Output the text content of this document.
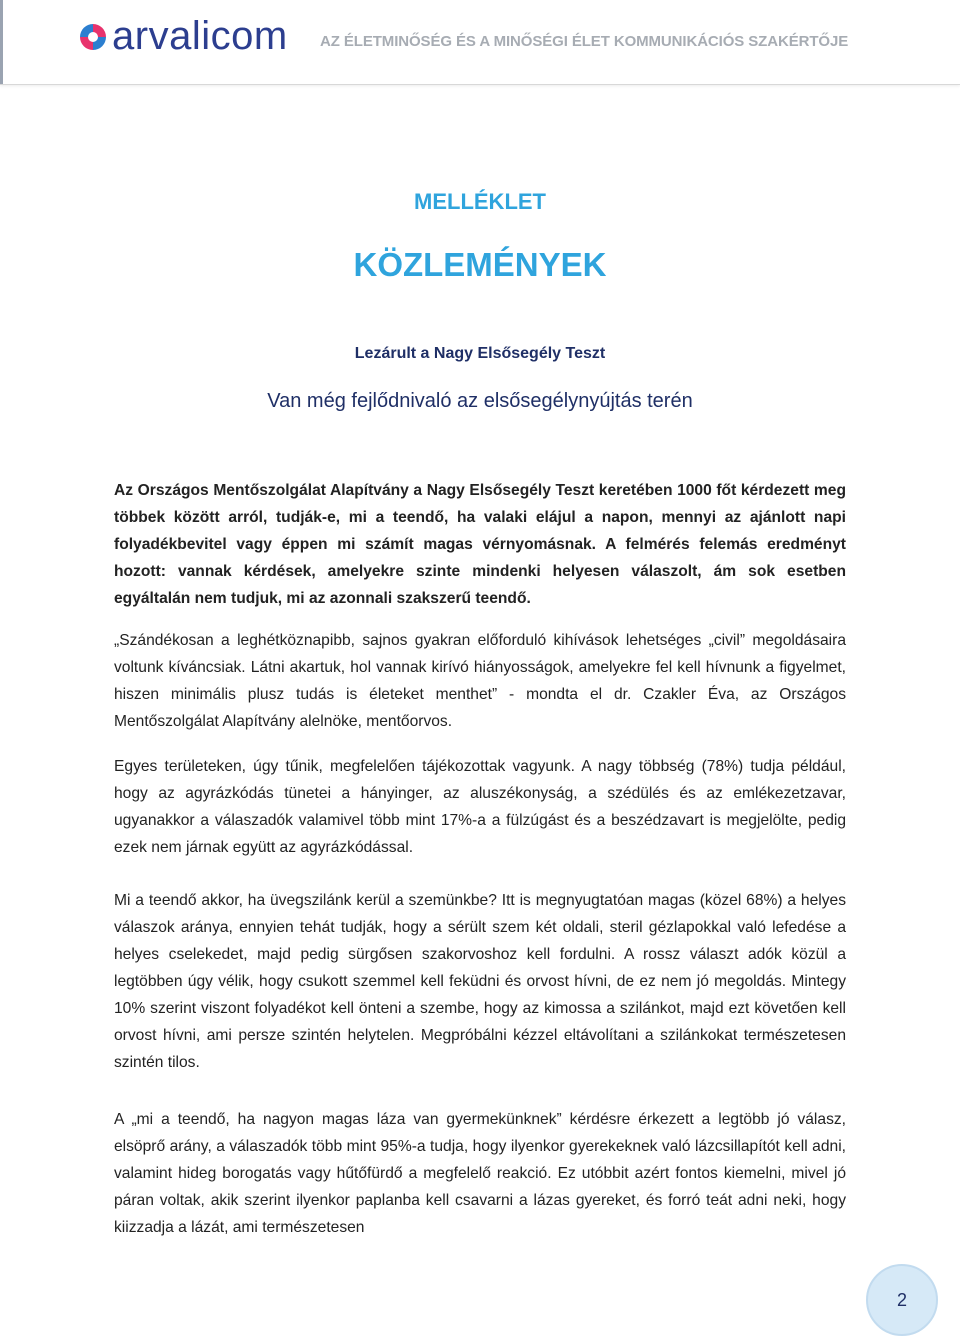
arvalicom AZ ÉLETMINŐSÉG ÉS A MINŐSÉGI ÉLET KOMMUNIKÁCIÓS SZAKÉRTŐJE
MELLÉKLET
KÖZLEMÉNYEK
Lezárult a Nagy Elsősegély Teszt
Van még fejlődnivaló az elsősegélynyújtás terén

Az Országos Mentőszolgálat Alapítvány a Nagy Elsősegély Teszt keretében 1000 főt kérdezett meg többek között arról, tudják-e, mi a teendő, ha valaki elájul a napon, mennyi az ajánlott napi folyadékbevitel vagy éppen mi számít magas vérnyomásnak. A felmérés felemás eredményt hozott: vannak kérdések, amelyekre szinte mindenki helyesen válaszolt, ám sok esetben egyáltalán nem tudjuk, mi az azonnali szakszerű teendő.

„Szándékosan a leghétköznapibb, sajnos gyakran előforduló kihívások lehetséges „civil” megoldásaira voltunk kíváncsiak. Látni akartuk, hol vannak kirívó hiányosságok, amelyekre fel kell hívnunk a figyelmet, hiszen minimális plusz tudás is életeket menthet” - mondta el dr. Czakler Éva, az Országos Mentőszolgálat Alapítvány alelnöke, mentőorvos.

Egyes területeken, úgy tűnik, megfelelően tájékozottak vagyunk. A nagy többség (78%) tudja például, hogy az agyrázkódás tünetei a hányinger, az aluszékonyság, a szédülés és az emlékezetzavar, ugyanakkor a válaszadók valamivel több mint 17%-a a fülzúgást és a beszédzavart is megjelölte, pedig ezek nem járnak együtt az agyrázkódással.

Mi a teendő akkor, ha üvegszilánk kerül a szemünkbe? Itt is megnyugtatóan magas (közel 68%) a helyes válaszok aránya, ennyien tehát tudják, hogy a sérült szem két oldali, steril gézlapokkal való lefedése a helyes cselekedet, majd pedig sürgősen szakorvoshoz kell fordulni. A rossz választ adók közül a legtöbben úgy vélik, hogy csukott szemmel kell feküdni és orvost hívni, de ez nem jó megoldás. Mintegy 10% szerint viszont folyadékot kell önteni a szembe, hogy az kimossa a szilánkot, majd ezt követően kell orvost hívni, ami persze szintén helytelen. Megpróbálni kézzel eltávolítani a szilánkokat természetesen szintén tilos.

A „mi a teendő, ha nagyon magas láza van gyermekünknek” kérdésre érkezett a legtöbb jó válasz, elsöprő arány, a válaszadók több mint 95%-a tudja, hogy ilyenkor gyerekeknek való lázcsillapítót kell adni, valamint hideg borogatás vagy hűtőfürdő a megfelelő reakció. Ez utóbbit azért fontos kiemelni, mivel jó páran voltak, akik szerint ilyenkor paplanba kell csavarni a lázas gyereket, és forró teát adni neki, hogy kiizzadja a lázát, ami természetesen

2
